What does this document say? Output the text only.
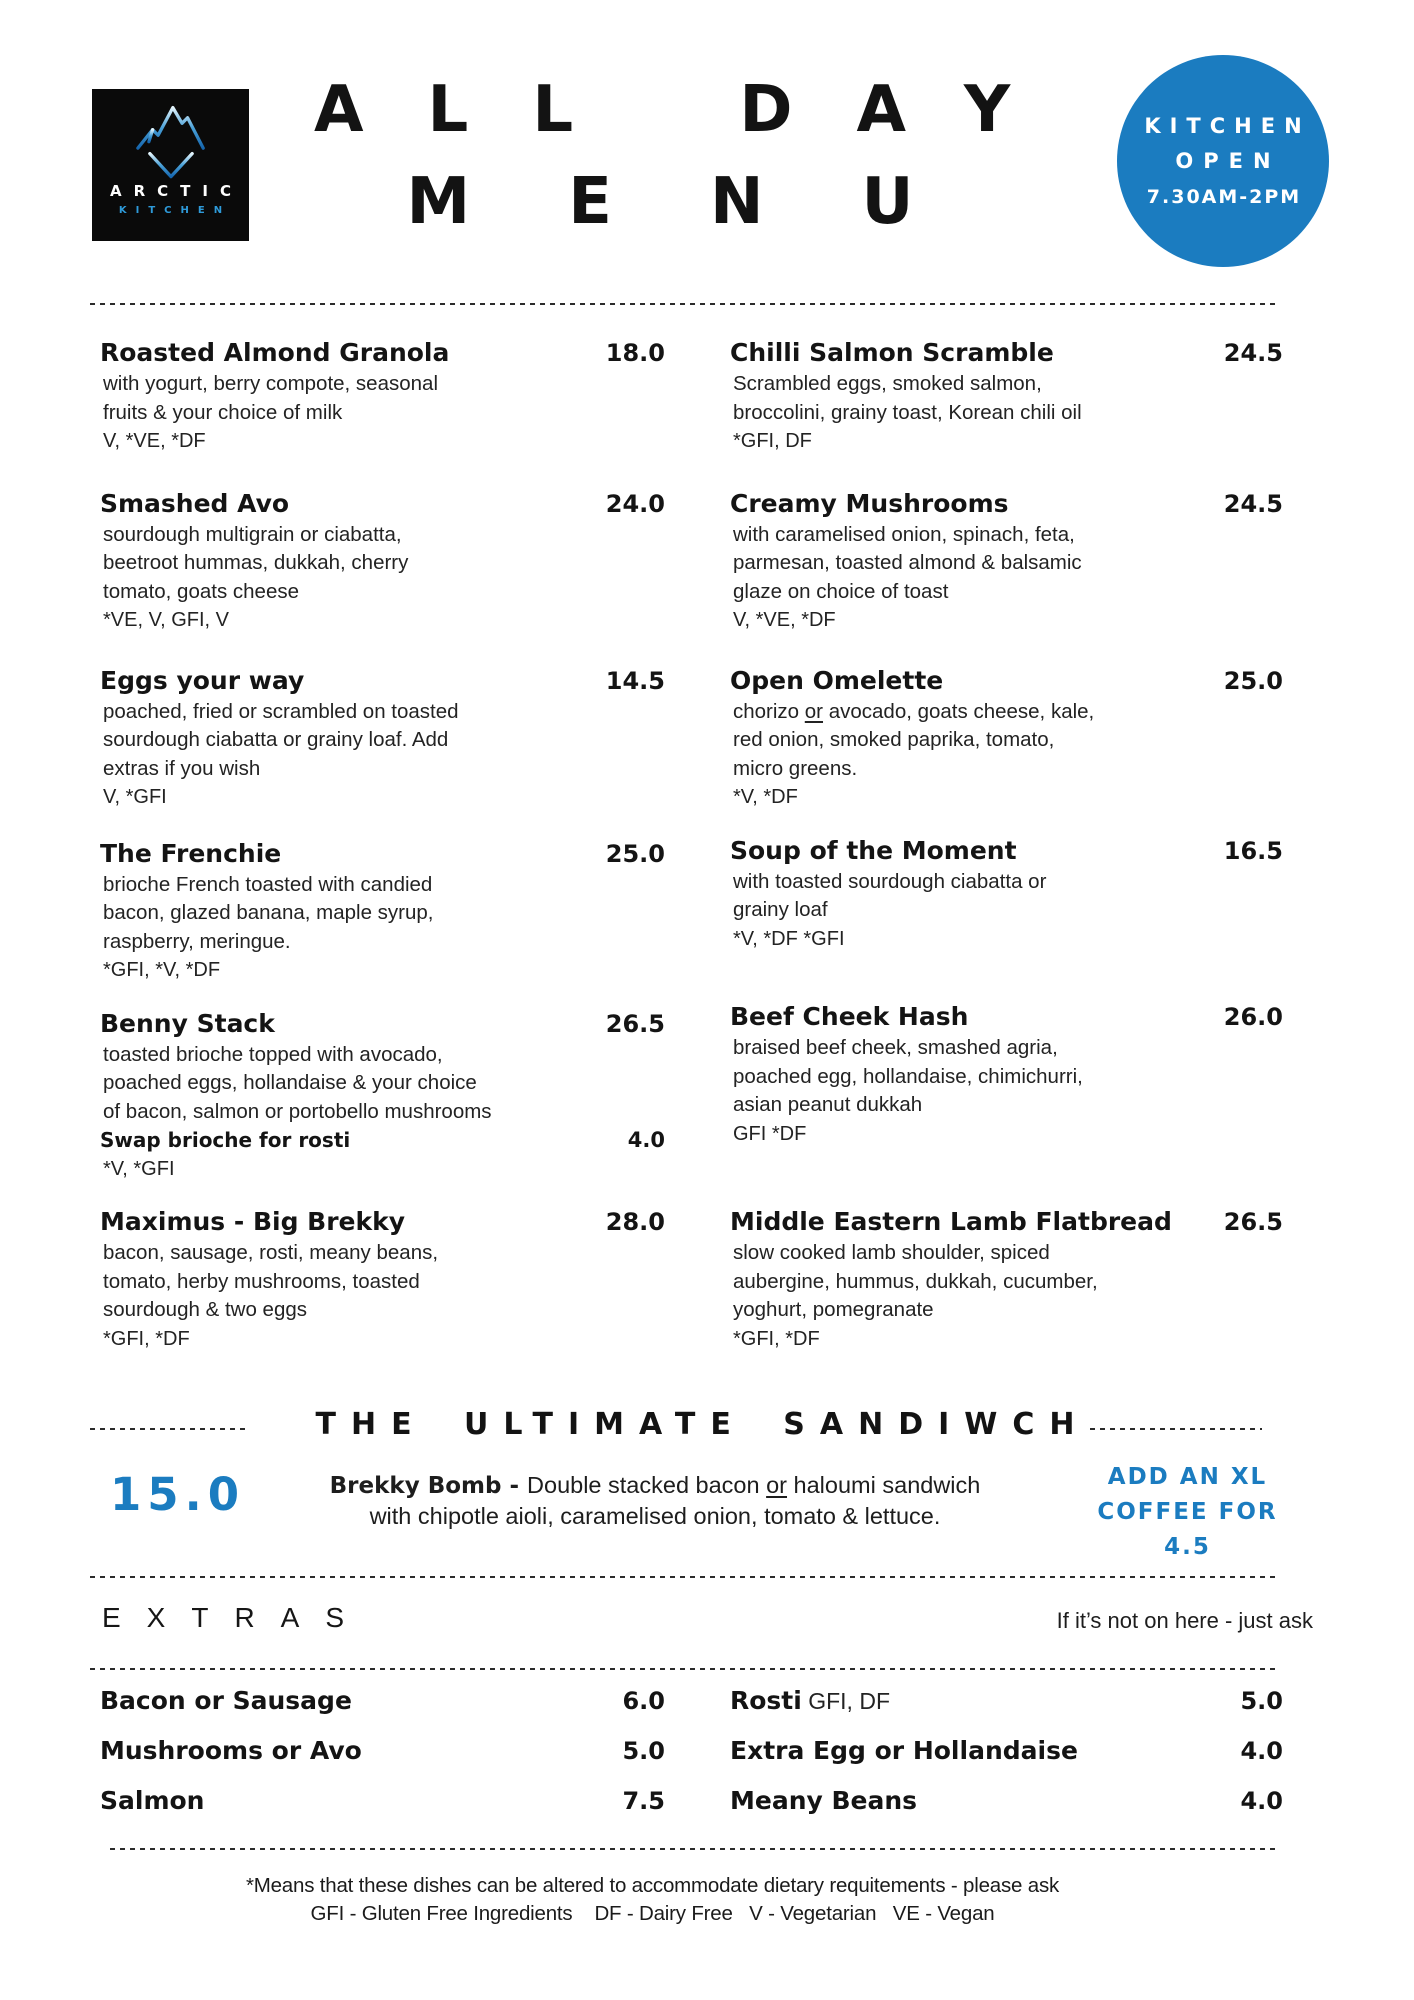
ARCTIC
KITCHEN
ALL DAY
MENU
KITCHEN
OPEN
7.30AM-2PM
Roasted Almond Granola	18.0
with yogurt, berry compote, seasonal
fruits & your choice of milk
V, *VE, *DF
Smashed Avo	24.0
sourdough multigrain or ciabatta,
beetroot hummas, dukkah, cherry
tomato, goats cheese
*VE, V, GFI, V
Eggs your way	14.5
poached, fried or scrambled on toasted
sourdough ciabatta or grainy loaf. Add
extras if you wish
V, *GFI
The Frenchie	25.0
brioche French toasted with candied
bacon, glazed banana, maple syrup,
raspberry, meringue.
*GFI, *V, *DF
Benny Stack	26.5
toasted brioche topped with avocado,
poached eggs, hollandaise & your choice
of bacon, salmon or portobello mushrooms
Swap brioche for rosti	4.0
*V, *GFI
Maximus - Big Brekky	28.0
bacon, sausage, rosti, meany beans,
tomato, herby mushrooms, toasted
sourdough & two eggs
*GFI, *DF
Chilli Salmon Scramble	24.5
Scrambled eggs, smoked salmon,
broccolini, grainy toast, Korean chili oil
*GFI, DF
Creamy Mushrooms	24.5
with caramelised onion, spinach, feta,
parmesan, toasted almond & balsamic
glaze on choice of toast
V, *VE, *DF
Open Omelette	25.0
chorizo or avocado, goats cheese, kale,
red onion, smoked paprika, tomato,
micro greens.
*V, *DF
Soup of the Moment	16.5
with toasted sourdough ciabatta or
grainy loaf
*V, *DF *GFI
Beef Cheek Hash	26.0
braised beef cheek, smashed agria,
poached egg, hollandaise, chimichurri,
asian peanut dukkah
GFI *DF
Middle Eastern Lamb Flatbread 26.5
slow cooked lamb shoulder, spiced
aubergine, hummus, dukkah, cucumber,
yoghurt, pomegranate
*GFI, *DF
THE ULTIMATE SANDIWCH
15.0	Brekky Bomb - Double stacked bacon or haloumi sandwich
with chipotle aioli, caramelised onion, tomato & lettuce.
ADD AN XL
COFFEE FOR
4.5
EXTRAS	If it’s not on here - just ask
Bacon or Sausage	6.0
Mushrooms or Avo	5.0
Salmon	7.5
Rosti GFI, DF	5.0
Extra Egg or Hollandaise	4.0
Meany Beans	4.0
*Means that these dishes can be altered to accommodate dietary requitements - please ask
GFI - Gluten Free Ingredients    DF - Dairy Free   V - Vegetarian   VE - Vegan
